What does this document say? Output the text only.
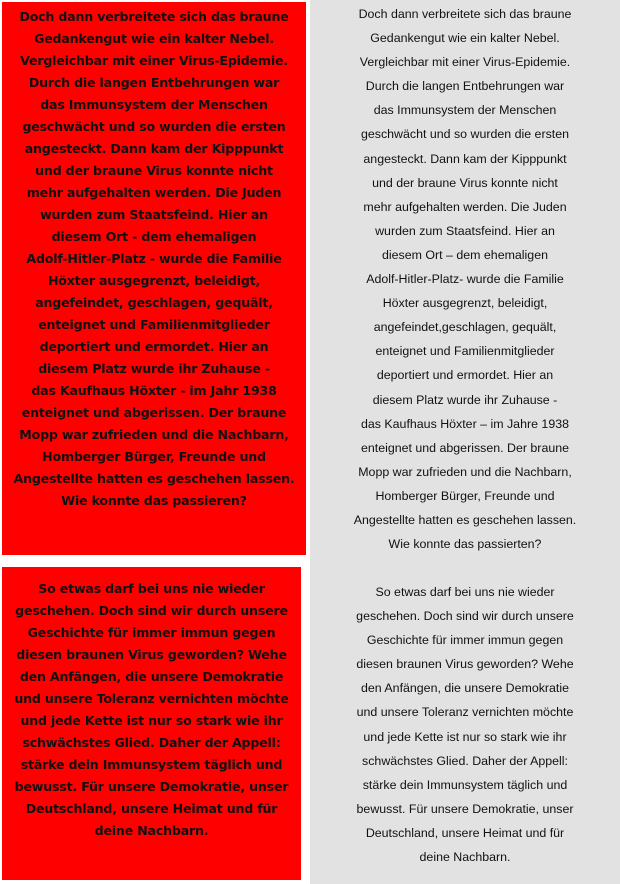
Doch dann verbreitete sich das braune
Gedankengut wie ein kalter Nebel.
Vergleichbar mit einer Virus-Epidemie.
Durch die langen Entbehrungen war
das Immunsystem der Menschen
geschwächt und so wurden die ersten
angesteckt. Dann kam der Kipppunkt
und der braune Virus konnte nicht
mehr aufgehalten werden. Die Juden
wurden zum Staatsfeind. Hier an
diesem Ort - dem ehemaligen
Adolf-Hitler-Platz - wurde die Familie
Höxter ausgegrenzt, beleidigt,
angefeindet, geschlagen, gequält,
enteignet und Familienmitglieder
deportiert und ermordet. Hier an
diesem Platz wurde ihr Zuhause -
das Kaufhaus Höxter - im Jahr 1938
enteignet und abgerissen. Der braune
Mopp war zufrieden und die Nachbarn,
Homberger Bürger, Freunde und
Angestellte hatten es geschehen lassen.
Wie konnte das passieren?
So etwas darf bei uns nie wieder
geschehen. Doch sind wir durch unsere
Geschichte für immer immun gegen
diesen braunen Virus geworden? Wehe
den Anfängen, die unsere Demokratie
und unsere Toleranz vernichten möchte
und jede Kette ist nur so stark wie ihr
schwächstes Glied. Daher der Appell:
stärke dein Immunsystem täglich und
bewusst. Für unsere Demokratie, unser
Deutschland, unsere Heimat und für
deine Nachbarn.
Doch dann verbreitete sich das braune
Gedankengut wie ein kalter Nebel.
Vergleichbar mit einer Virus-Epidemie.
Durch die langen Entbehrungen war
das Immunsystem der Menschen
geschwächt und so wurden die ersten
angesteckt. Dann kam der Kipppunkt
und der braune Virus konnte nicht
mehr aufgehalten werden. Die Juden
wurden zum Staatsfeind. Hier an
diesem Ort – dem ehemaligen
Adolf-Hitler-Platz- wurde die Familie
Höxter ausgegrenzt, beleidigt,
angefeindet,geschlagen, gequält,
enteignet und Familienmitglieder
deportiert und ermordet. Hier an
diesem Platz wurde ihr Zuhause -
das Kaufhaus Höxter – im Jahre 1938
enteignet und abgerissen. Der braune
Mopp war zufrieden und die Nachbarn,
Homberger Bürger, Freunde und
Angestellte hatten es geschehen lassen.
Wie konnte das passierten?
So etwas darf bei uns nie wieder
geschehen. Doch sind wir durch unsere
Geschichte für immer immun gegen
diesen braunen Virus geworden? Wehe
den Anfängen, die unsere Demokratie
und unsere Toleranz vernichten möchte
und jede Kette ist nur so stark wie ihr
schwächstes Glied. Daher der Appell:
stärke dein Immunsystem täglich und
bewusst. Für unsere Demokratie, unser
Deutschland, unsere Heimat und für
deine Nachbarn.
